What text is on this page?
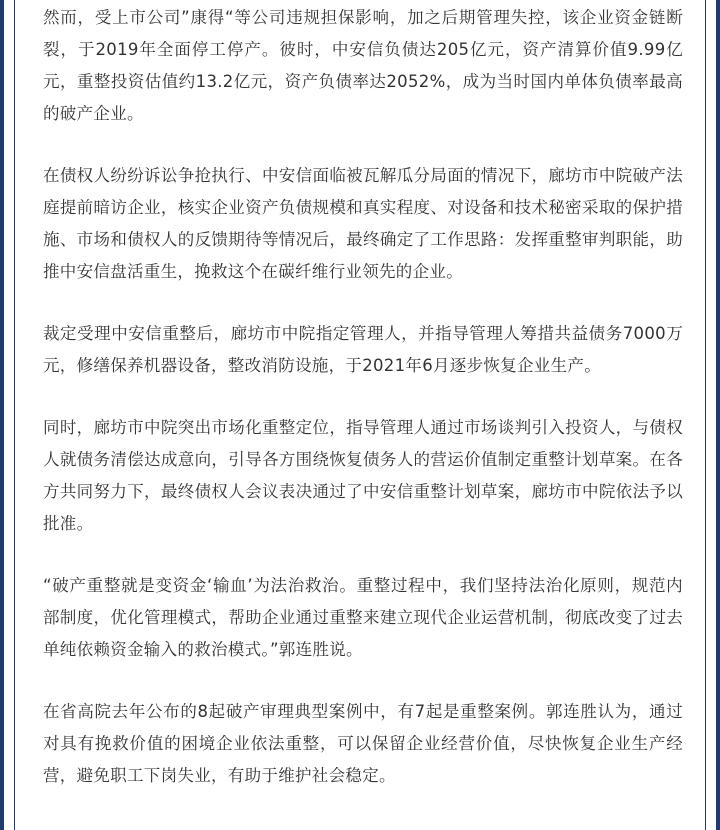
然而，受上市公司”康得“等公司违规担保影响，加之后期管理失控，该企业资金链断裂，于2019年全面停工停产。彼时，中安信负债达205亿元，资产清算价值9.99亿元，重整投资估值约13.2亿元，资产负债率达2052%，成为当时国内单体负债率最高的破产企业。

在债权人纷纷诉讼争抢执行、中安信面临被瓦解瓜分局面的情况下，廊坊市中院破产法庭提前暗访企业，核实企业资产负债规模和真实程度、对设备和技术秘密采取的保护措施、市场和债权人的反馈期待等情况后，最终确定了工作思路：发挥重整审判职能，助推中安信盘活重生，挽救这个在碳纤维行业领先的企业。

裁定受理中安信重整后，廊坊市中院指定管理人，并指导管理人筹措共益债务7000万元，修缮保养机器设备，整改消防设施，于2021年6月逐步恢复企业生产。

同时，廊坊市中院突出市场化重整定位，指导管理人通过市场谈判引入投资人，与债权人就债务清偿达成意向，引导各方围绕恢复债务人的营运价值制定重整计划草案。在各方共同努力下，最终债权人会议表决通过了中安信重整计划草案，廊坊市中院依法予以批准。

“破产重整就是变资金‘输血’为法治救治。重整过程中，我们坚持法治化原则，规范内部制度，优化管理模式，帮助企业通过重整来建立现代企业运营机制，彻底改变了过去单纯依赖资金输入的救治模式。”郭连胜说。

在省高院去年公布的8起破产审理典型案例中，有7起是重整案例。郭连胜认为，通过对具有挽救价值的困境企业依法重整，可以保留企业经营价值，尽快恢复企业生产经营，避免职工下岗失业，有助于维护社会稳定。
